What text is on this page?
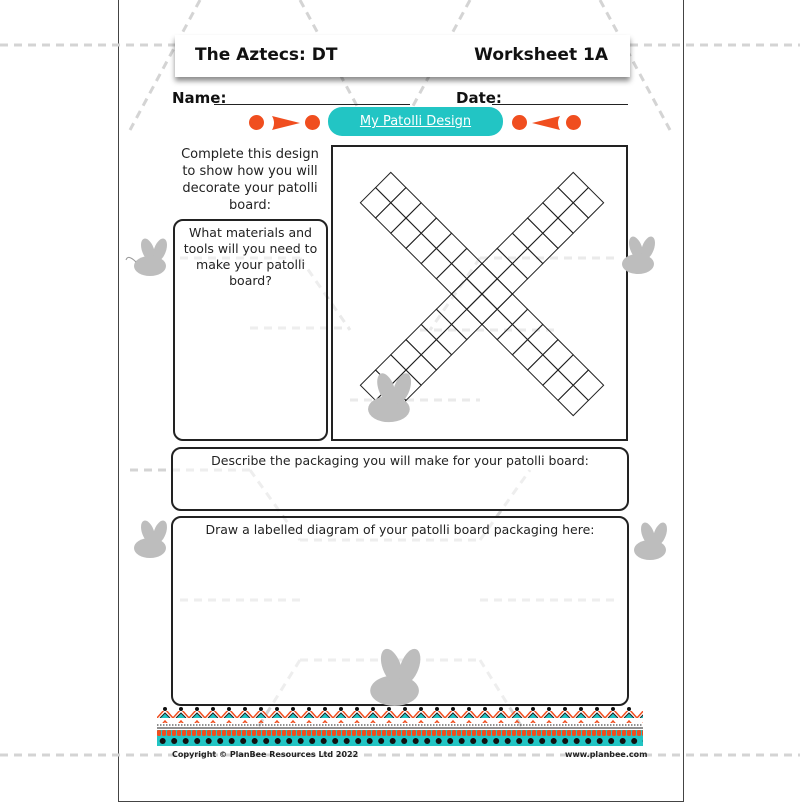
The Aztecs: DT	Worksheet 1A
Name:	Date:
My Patolli Design
Complete this design to show how you will decorate your patolli board:
What materials and tools will you need to make your patolli board?
Describe the packaging you will make for your patolli board:
Draw a labelled diagram of your patolli board packaging here:
Copyright © PlanBee Resources Ltd 2022	www.planbee.com
